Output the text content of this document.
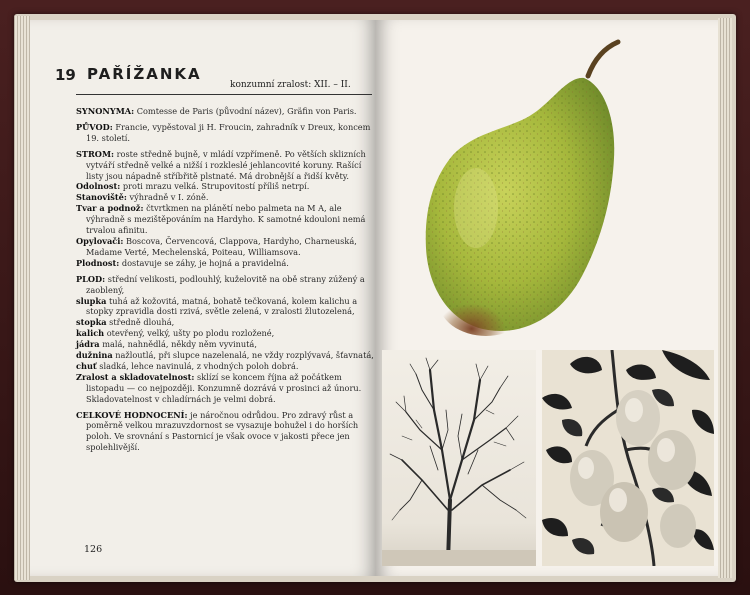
19 PAŘÍŽANKA
konzumní zralost: XII. – II.

SYNONYMA: Comtesse de Paris (původní název), Gräfin von Paris.

PŮVOD: Francie, vypěstoval ji H. Froucin, zahradník v Dreux, koncem 19. století.

STROM: roste středně bujně, v mládí vzpřímeně. Po větších sklizních vytváří středně velké a nižší i rozkleslé jehlancovité koruny. Rašící listy jsou nápadně stříbřitě plstnaté. Má drobnější a řidší květy.

Odolnost: proti mrazu velká. Strupovitostí příliš netrpí.

Stanoviště: výhradně v I. zóně.

Tvar a podnož: čtvrtkmen na plánětí nebo palmeta na M A, ale výhradně s mezištěpováním na Hardyho. K samotné kdouloni nemá trvalou afinitu.

Opylovači: Boscova, Červencová, Clappova, Hardyho, Charneuská, Madame Verté, Mechelenská, Poiteau, Williamsova.

Plodnost: dostavuje se záhy, je hojná a pravidelná.

PLOD: střední velikosti, podlouhlý, kuželovitě na obě strany zúžený a zaoblený,

slupka tuhá až kožovitá, matná, bohatě tečkovaná, kolem kalichu a stopky zpravidla dosti rzivá, světle zelená, v zralosti žlutozelená,

stopka středně dlouhá,

kalich otevřený, velký, ušty po plodu rozložené,

jádra malá, nahnědlá, někdy něm vyvinutá,

dužnina nažloutlá, při slupce nazelenalá, ne vždy rozplývavá, šťavnatá,

chuť sladká, lehce navinulá, z vhodných poloh dobrá.

Zralost a skladovatelnost: sklízí se koncem října až počátkem listopadu — co nejpozději. Konzumně dozrává v prosinci až únoru. Skladovatelnost v chladírnách je velmi dobrá.

CELKOVÉ HODNOCENÍ: je náročnou odrůdou. Pro zdravý růst a poměrně velkou mrazuvzdornost se vysazuje bohužel i do horších poloh. Ve srovnání s Pastornicí je však ovoce v jakosti přece jen spolehlivější.

126
